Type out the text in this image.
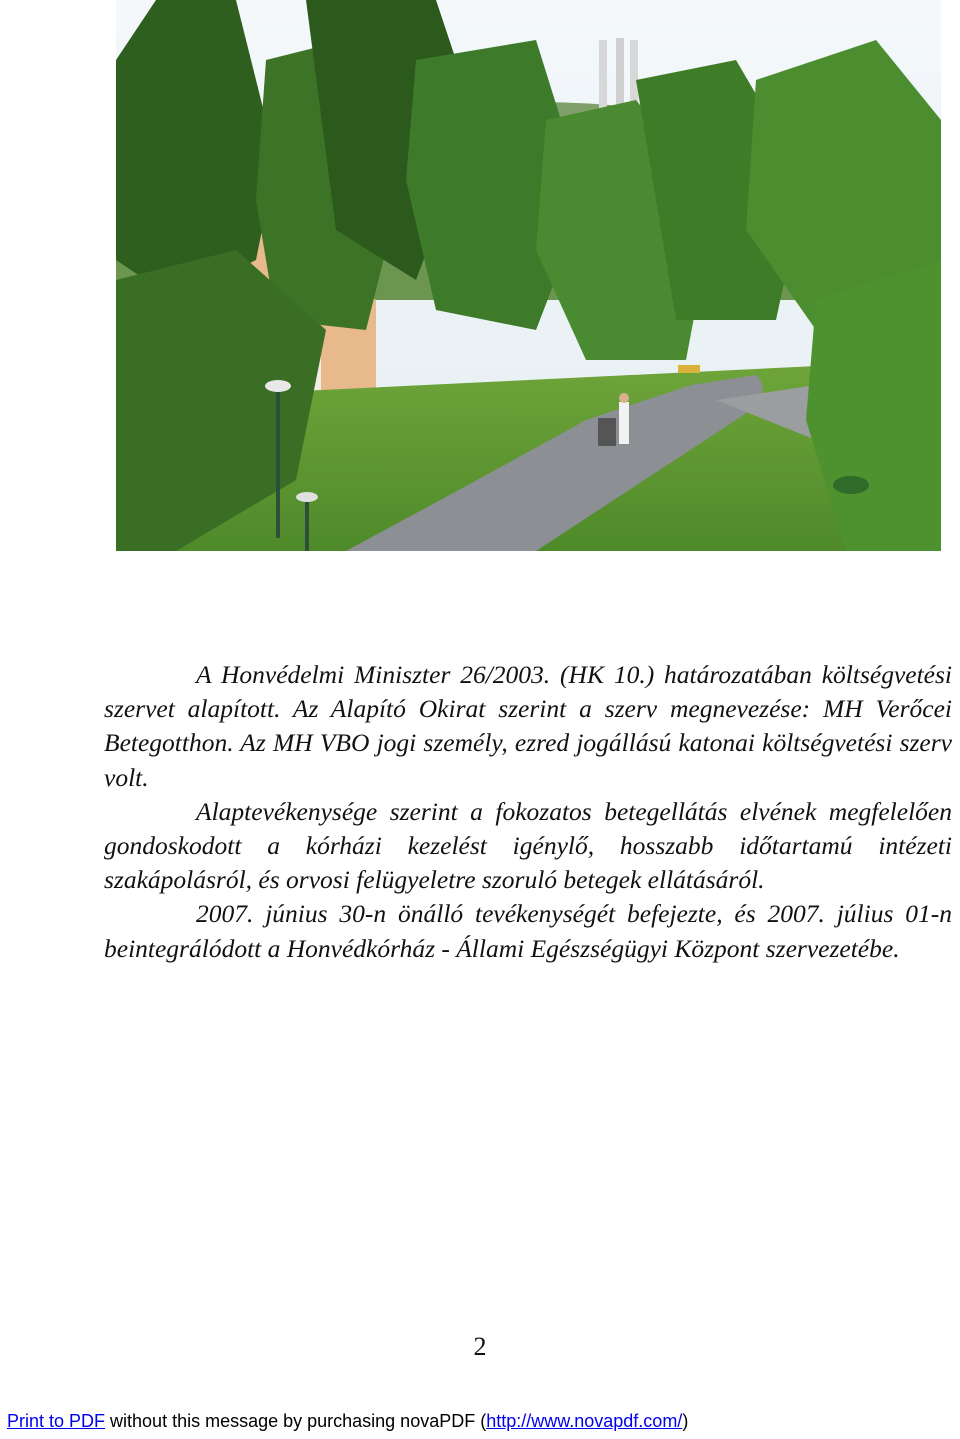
A Honvédelmi Miniszter 26/2003. (HK 10.) határozatában költségvetési szervet alapított. Az Alapító Okirat szerint a szerv megnevezése: MH Verőcei Betegotthon. Az MH VBO jogi személy, ezred jogállású katonai költségvetési szerv volt.

Alaptevékenysége szerint a fokozatos betegellátás elvének megfelelően gondoskodott a kórházi kezelést igénylő, hosszabb időtartamú intézeti szakápolásról, és orvosi felügyeletre szoruló betegek ellátásáról.

2007. június 30-n önálló tevékenységét befejezte, és 2007. július 01-n beintegrálódott a Honvédkórház - Állami Egészségügyi Központ szervezetébe.

2
Print to PDF without this message by purchasing novaPDF (http://www.novapdf.com/)
